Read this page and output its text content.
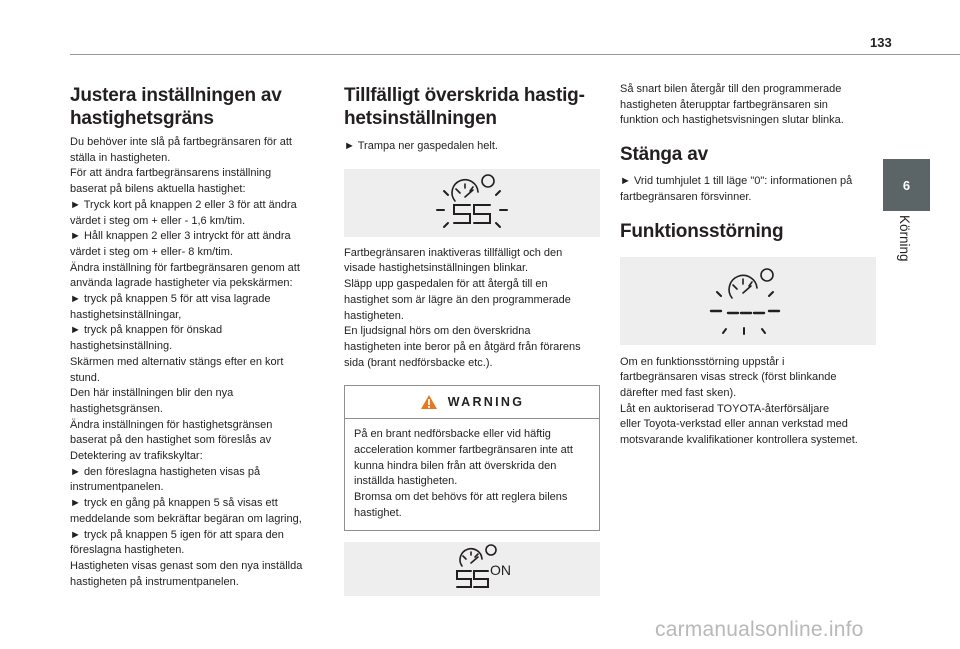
133
6
Körning
Justera inställningen av hastighetsgräns

Du behöver inte slå på fartbegränsaren för att

ställa in hastigheten.

För att ändra fartbegränsarens inställning

baserat på bilens aktuella hastighet:

► Tryck kort på knappen 2 eller 3 för att ändra

värdet i steg om + eller - 1,6 km/tim.

► Håll knappen 2 eller 3 intryckt för att ändra

värdet i steg om + eller- 8 km/tim.

Ändra inställning för fartbegränsaren genom att

använda lagrade hastigheter via pekskärmen:

► tryck på knappen 5 för att visa lagrade

hastighetsinställningar,

► tryck på knappen för önskad

hastighetsinställning.

Skärmen med alternativ stängs efter en kort

stund.

Den här inställningen blir den nya

hastighetsgränsen.

Ändra inställningen för hastighetsgränsen

baserat på den hastighet som föreslås av

Detektering av trafikskyltar:

► den föreslagna hastigheten visas på

instrumentpanelen.

► tryck en gång på knappen 5 så visas ett

meddelande som bekräftar begäran om lagring,

► tryck på knappen 5 igen för att spara den

föreslagna hastigheten.

Hastigheten visas genast som den nya inställda

hastigheten på instrumentpanelen.

Tillfälligt överskrida hastig-
hetsinställningen

► Trampa ner gaspedalen helt.

Fartbegränsaren inaktiveras tillfälligt och den

visade hastighetsinställningen blinkar.

Släpp upp gaspedalen för att återgå till en

hastighet som är lägre än den programmerade

hastigheten.

En ljudsignal hörs om den överskridna

hastigheten inte beror på en åtgärd från förarens

sida (brant nedförsbacke etc.).

WARNING

På en brant nedförsbacke eller vid häftig

acceleration kommer fartbegränsaren inte att

kunna hindra bilen från att överskrida den

inställda hastigheten.

Bromsa om det behövs för att reglera bilens

hastighet.

ON

Så snart bilen återgår till den programmerade

hastigheten återupptar fartbegränsaren sin

funktion och hastighetsvisningen slutar blinka.

Stänga av

► Vrid tumhjulet 1 till läge "0": informationen på

fartbegränsaren försvinner.

Funktionsstörning

Om en funktionsstörning uppstår i

fartbegränsaren visas streck (först blinkande

därefter med fast sken).

Låt en auktoriserad TOYOTA-återförsäljare

eller Toyota-verkstad eller annan verkstad med

motsvarande kvalifikationer kontrollera systemet.

carmanualsonline.info
